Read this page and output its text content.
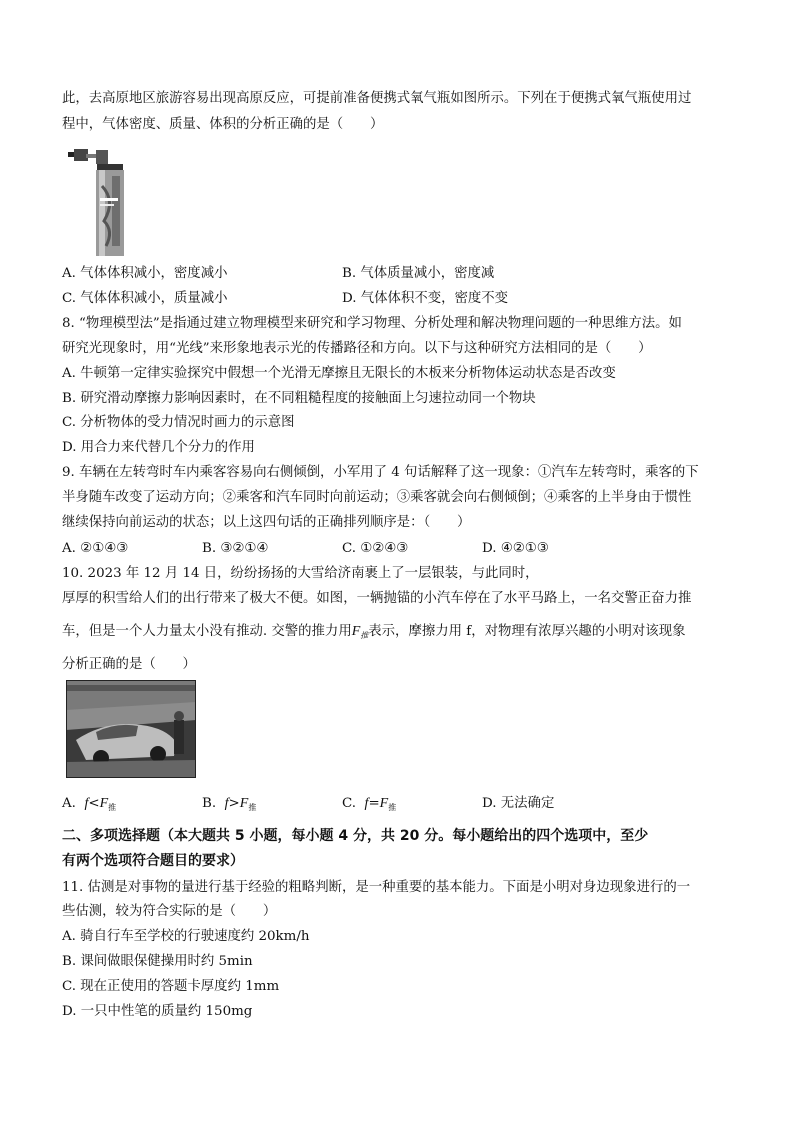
此，去高原地区旅游容易出现高原反应，可提前准备便携式氧气瓶如图所示。下列在于便携式氧气瓶使用过
程中，气体密度、质量、体积的分析正确的是（　　）
A. 气体体积减小，密度减小	B. 气体质量减小，密度减
C. 气体体积减小，质量减小	D. 气体体积不变，密度不变
8. “物理模型法”是指通过建立物理模型来研究和学习物理、分析处理和解决物理问题的一种思维方法。如
研究光现象时，用“光线”来形象地表示光的传播路径和方向。以下与这种研究方法相同的是（　　）
A. 牛顿第一定律实验探究中假想一个光滑无摩擦且无限长的木板来分析物体运动状态是否改变
B. 研究滑动摩擦力影响因素时，在不同粗糙程度的接触面上匀速拉动同一个物块
C. 分析物体的受力情况时画力的示意图
D. 用合力来代替几个分力的作用
9. 车辆在左转弯时车内乘客容易向右侧倾倒，小军用了 4 句话解释了这一现象：①汽车左转弯时，乘客的下
半身随车改变了运动方向；②乘客和汽车同时向前运动；③乘客就会向右侧倾倒；④乘客的上半身由于惯性
继续保持向前运动的状态；以上这四句话的正确排列顺序是：（　　）
A. ②①④③	B. ③②①④	C. ①②④③	D. ④②①③
10. 2023 年 12 月 14 日，纷纷扬扬的大雪给济南裹上了一层银装，与此同时，
厚厚的积雪给人们的出行带来了极大不便。如图，一辆抛锚的小汽车停在了水平马路上，一名交警正奋力推
车，但是一个人力量太小没有推动. 交警的推力用$F_推$表示，摩擦力用 f，对物理有浓厚兴趣的小明对该现象
分析正确的是（　　）
A. $f<F_推$	B. $f>F_推$	C. $f=F_推$	D. 无法确定
二、多项选择题（本大题共 5 小题，每小题 4 分，共 20 分。每小题给出的四个选项中，至少
有两个选项符合题目的要求）
11. 估测是对事物的量进行基于经验的粗略判断，是一种重要的基本能力。下面是小明对身边现象进行的一
些估测，较为符合实际的是（　　）
A. 骑自行车至学校的行驶速度约 20km/h
B. 课间做眼保健操用时约 5min
C. 现在正使用的答题卡厚度约 1mm
D. 一只中性笔的质量约 150mg
